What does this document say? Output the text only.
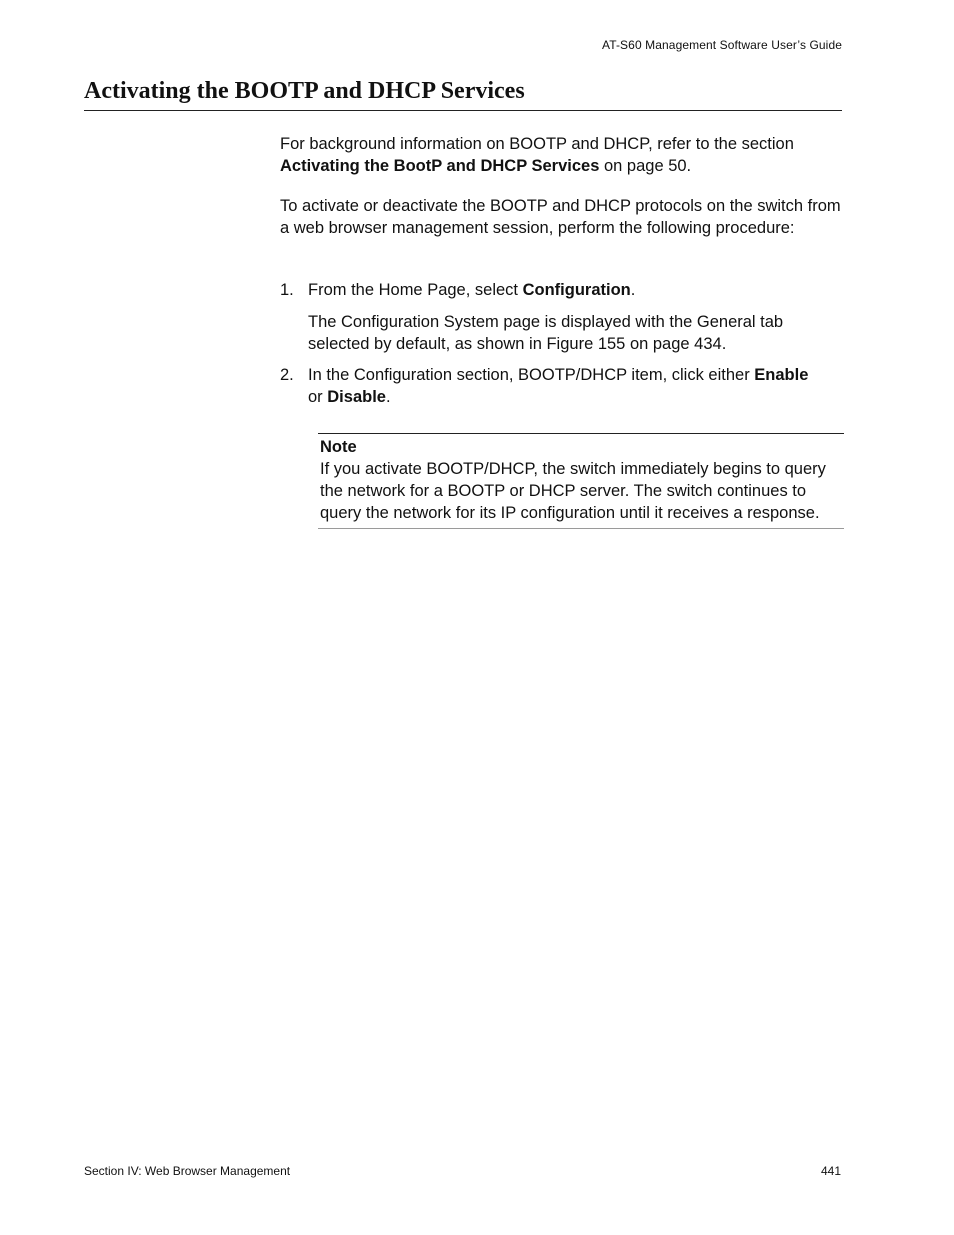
AT-S60 Management Software User’s Guide
Activating the BOOTP and DHCP Services

For background information on BOOTP and DHCP, refer to the section Activating the BootP and DHCP Services on page 50.

To activate or deactivate the BOOTP and DHCP protocols on the switch from a web browser management session, perform the following procedure:

1. From the Home Page, select Configuration.
The Configuration System page is displayed with the General tab selected by default, as shown in Figure 155 on page 434.
2. In the Configuration section, BOOTP/DHCP item, click either Enable
or Disable.
Note
If you activate BOOTP/DHCP, the switch immediately begins to query the network for a BOOTP or DHCP server. The switch continues to query the network for its IP configuration until it receives a response.
Section IV: Web Browser Management	441
